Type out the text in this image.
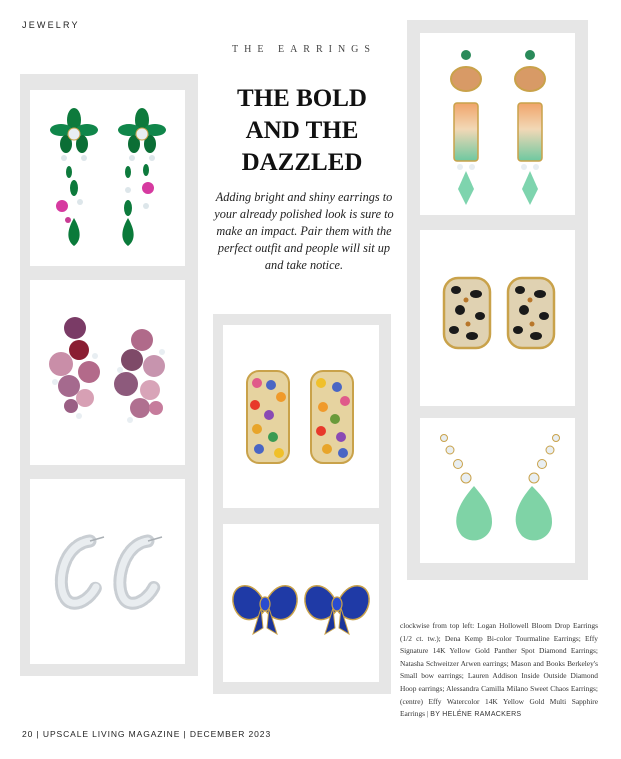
JEWELRY
THE EARRINGS
THE BOLD AND THE DAZZLED
Adding bright and shiny earrings to your already polished look is sure to make an impact. Pair them with the perfect outfit and people will sit up and take notice.
clockwise from top left: Logan Hollowell Bloom Drop Earrings (1/2 ct. tw.); Dena Kemp Bi-color Tourmaline Earrings; Effy Signature 14K Yellow Gold Panther Spot Diamond Earrings; Natasha Schweitzer Arwen earrings; Mason and Books Berkeley's Small bow earrings; Lauren Addison Inside Outside Diamond Hoop earrings; Alessandra Camilla Milano Sweet Chaos Earrings; (centre) Effy Watercolor 14K Yellow Gold Multi Sapphire Earrings | BY HELÉNE RAMACKERS
20 | UPSCALE LIVING MAGAZINE | DECEMBER 2023
